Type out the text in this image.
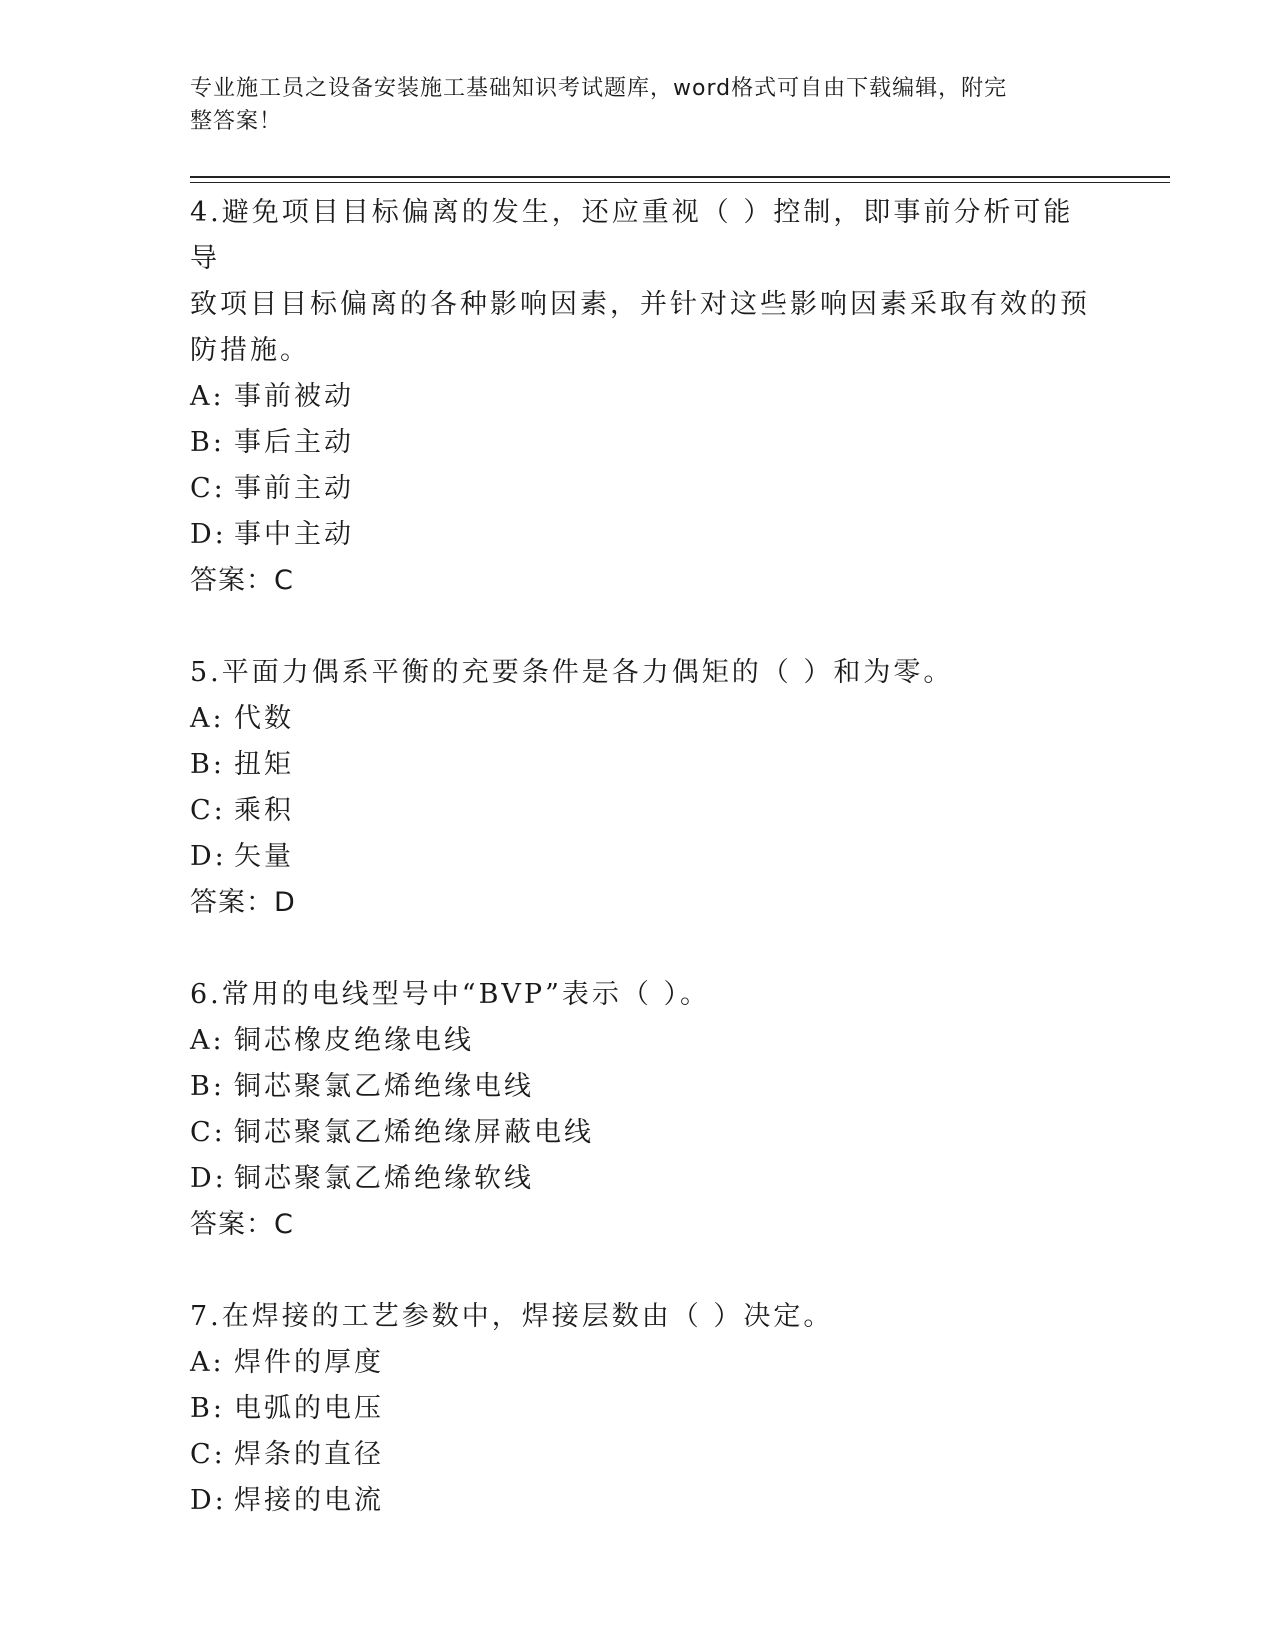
专业施工员之设备安装施工基础知识考试题库，word格式可自由下载编辑，附完
整答案！

4.避免项目目标偏离的发生，还应重视（ ）控制，即事前分析可能导

致项目目标偏离的各种影响因素，并针对这些影响因素采取有效的预

防措施。

A: 事前被动

B: 事后主动

C: 事前主动

D: 事中主动

答案：C

5.平面力偶系平衡的充要条件是各力偶矩的（ ）和为零。

A: 代数

B: 扭矩

C: 乘积

D: 矢量

答案：D

6.常用的电线型号中“BVP”表示（ ）。

A: 铜芯橡皮绝缘电线

B: 铜芯聚氯乙烯绝缘电线

C: 铜芯聚氯乙烯绝缘屏蔽电线

D: 铜芯聚氯乙烯绝缘软线

答案：C

7.在焊接的工艺参数中，焊接层数由（ ）决定。

A: 焊件的厚度

B: 电弧的电压

C: 焊条的直径

D: 焊接的电流
